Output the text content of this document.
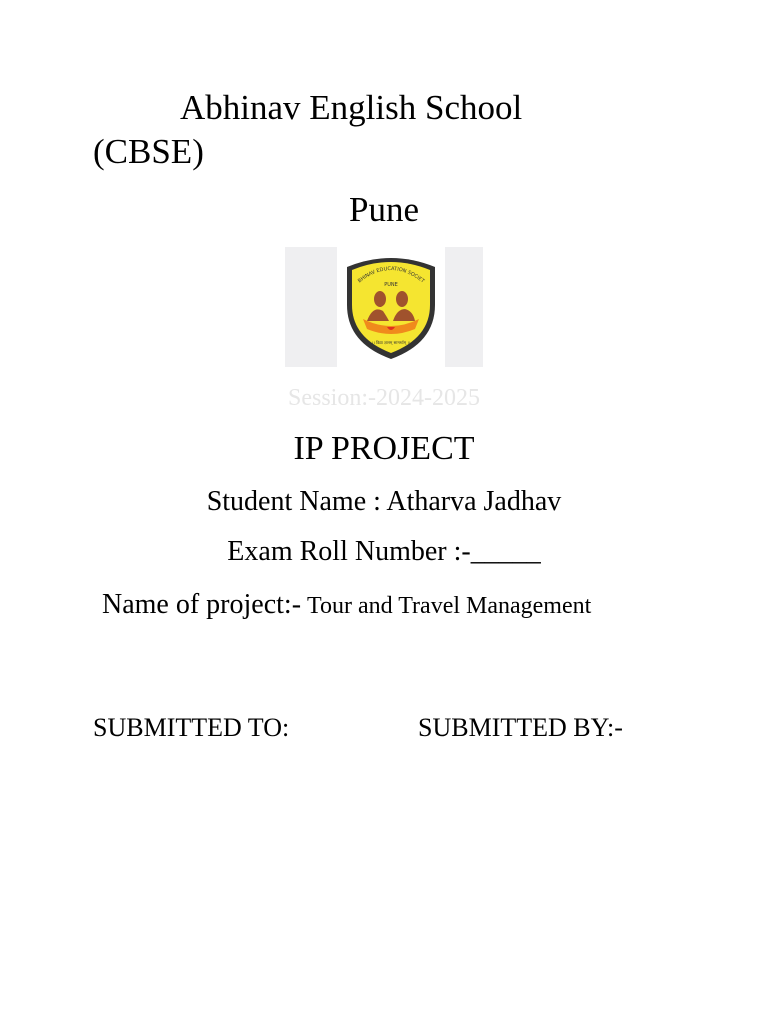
Abhinav English School
(CBSE)
Pune
BHINAV EDUCATION SOCIET
PUNE
।। विद्या ज्ञानम् सामर्थ्यम् ।।
Session:-2024-2025
IP PROJECT
Student Name : Atharva Jadhav
Exam Roll Number :-_____
Name of project:- Tour and Travel Management
SUBMITTED TO:	SUBMITTED BY:-
